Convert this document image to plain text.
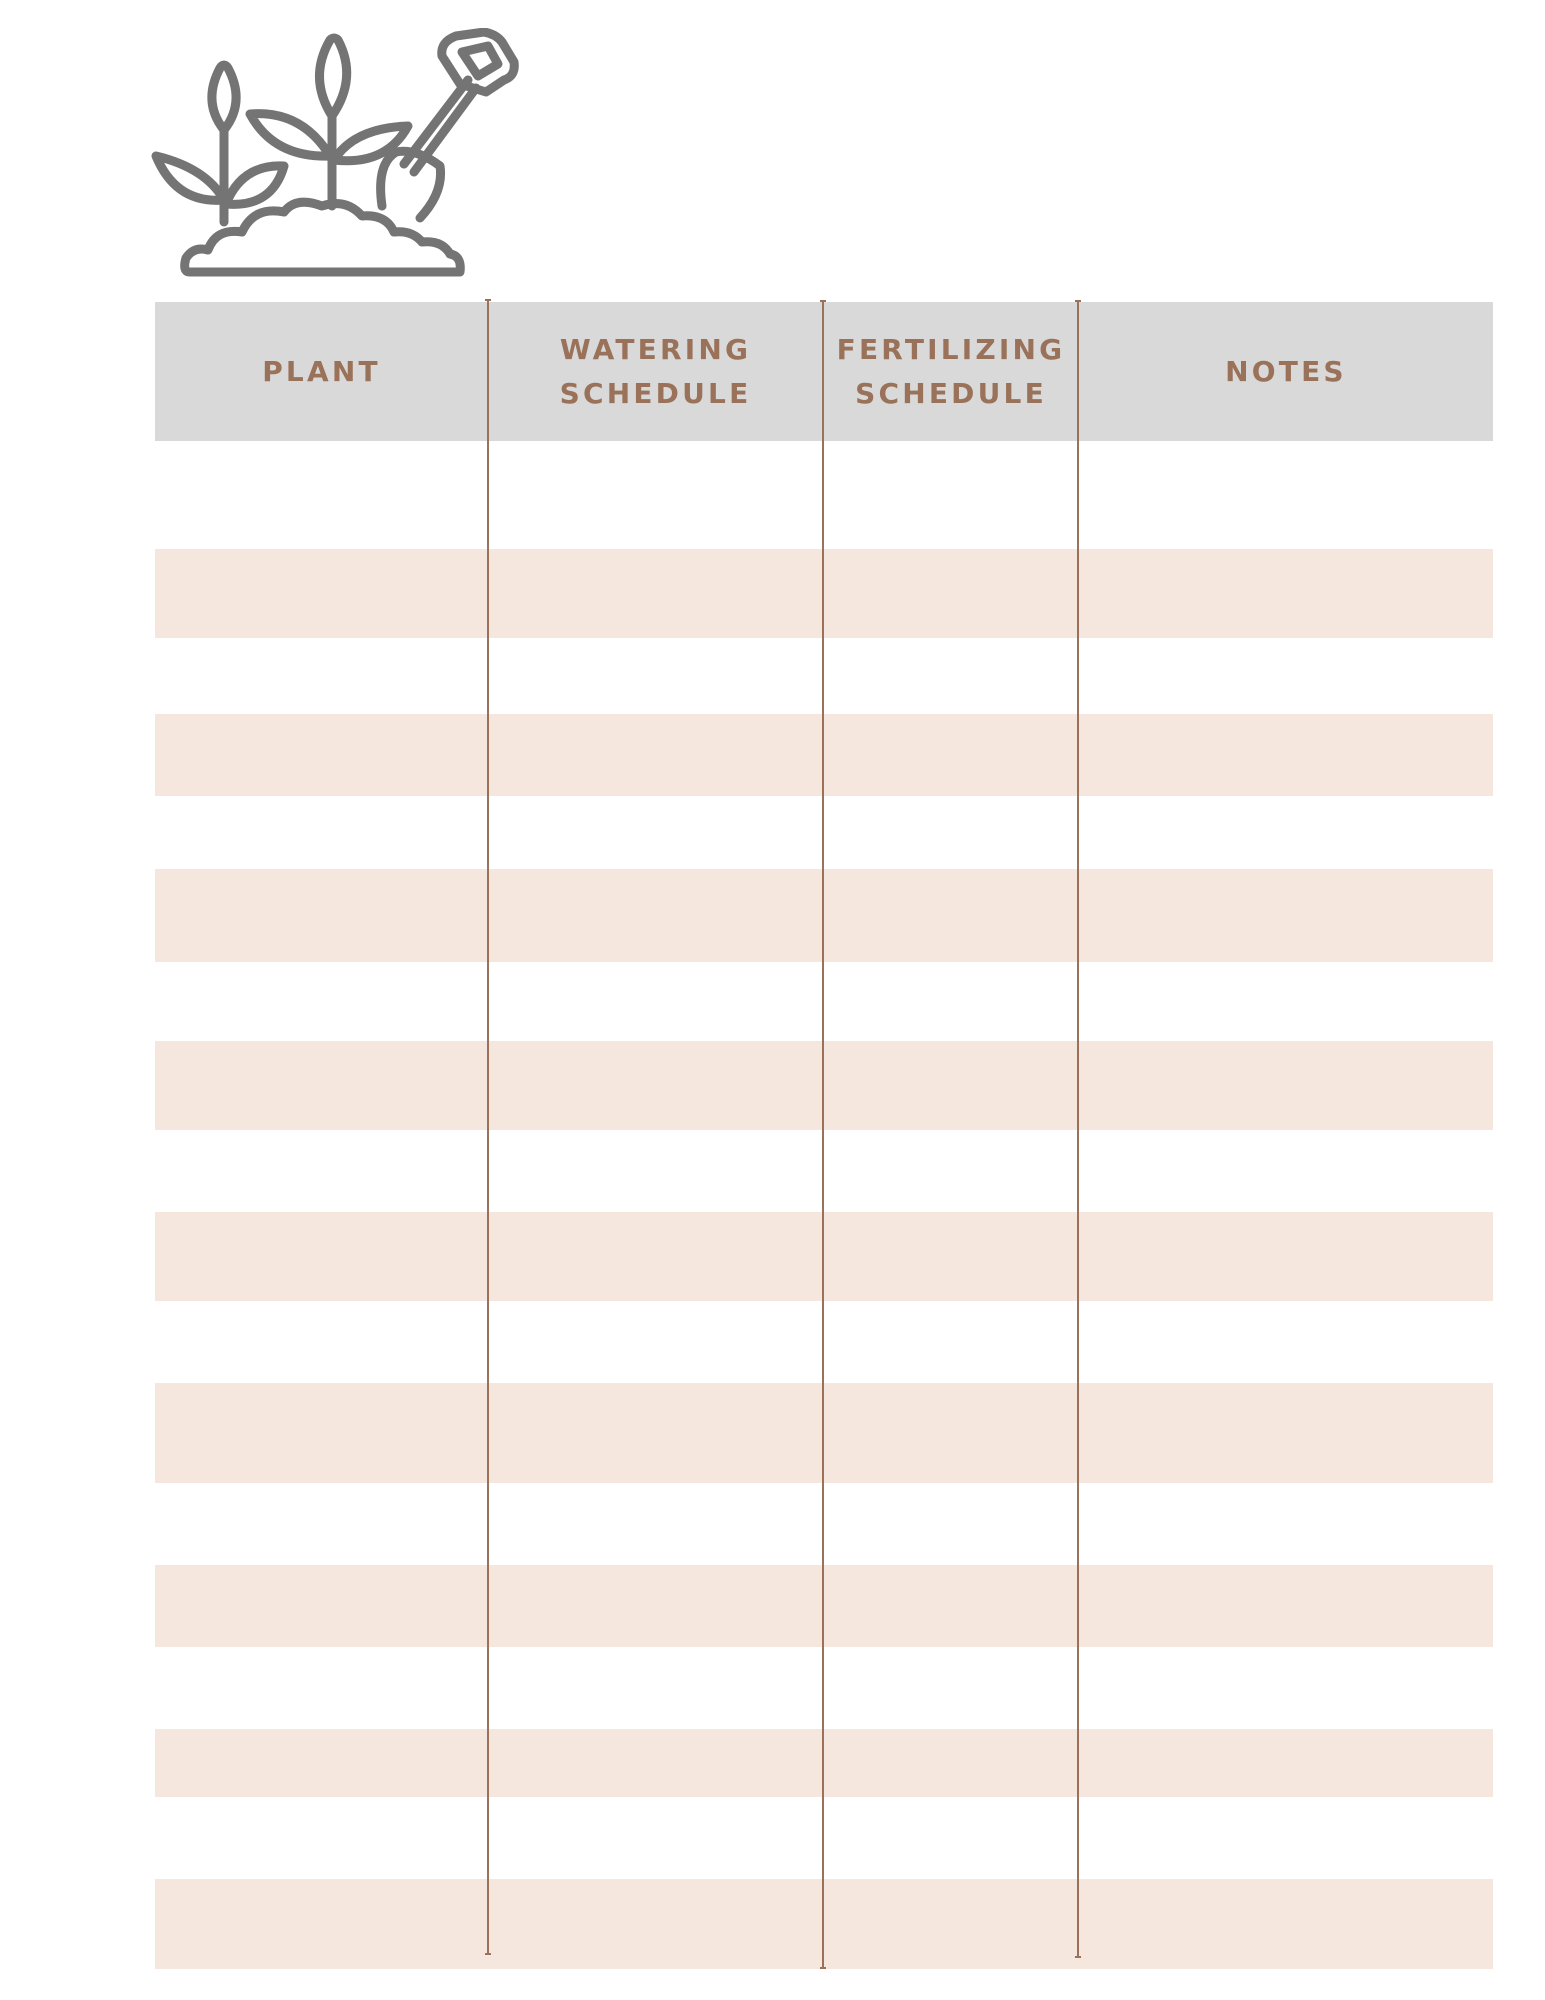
PLANT
WATERING
SCHEDULE
FERTILIZING
SCHEDULE
NOTES
